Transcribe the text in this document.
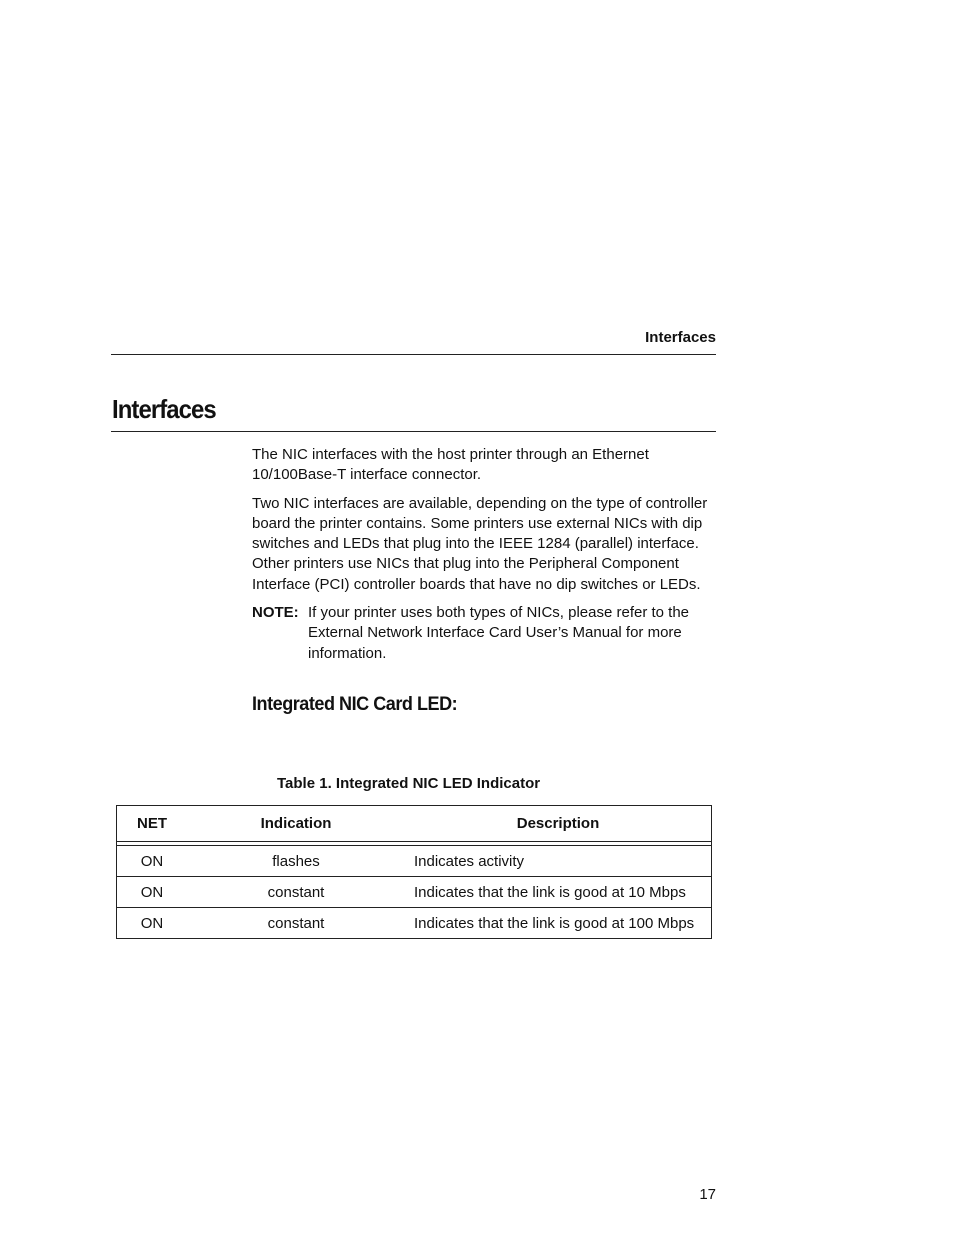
Interfaces
Interfaces

The NIC interfaces with the host printer through an Ethernet 10/100Base-T interface connector.

Two NIC interfaces are available, depending on the type of controller board the printer contains. Some printers use external NICs with dip switches and LEDs that plug into the IEEE 1284 (parallel) interface. Other printers use NICs that plug into the Peripheral Component Interface (PCI) controller boards that have no dip switches or LEDs.

NOTE: If your printer uses both types of NICs, please refer to the External Network Interface Card User’s Manual for more information.
Integrated NIC Card LED:
Table 1. Integrated NIC LED Indicator
NET	Indication	Description
ON	flashes	Indicates activity
ON	constant	Indicates that the link is good at 10 Mbps
ON	constant	Indicates that the link is good at 100 Mbps
17
